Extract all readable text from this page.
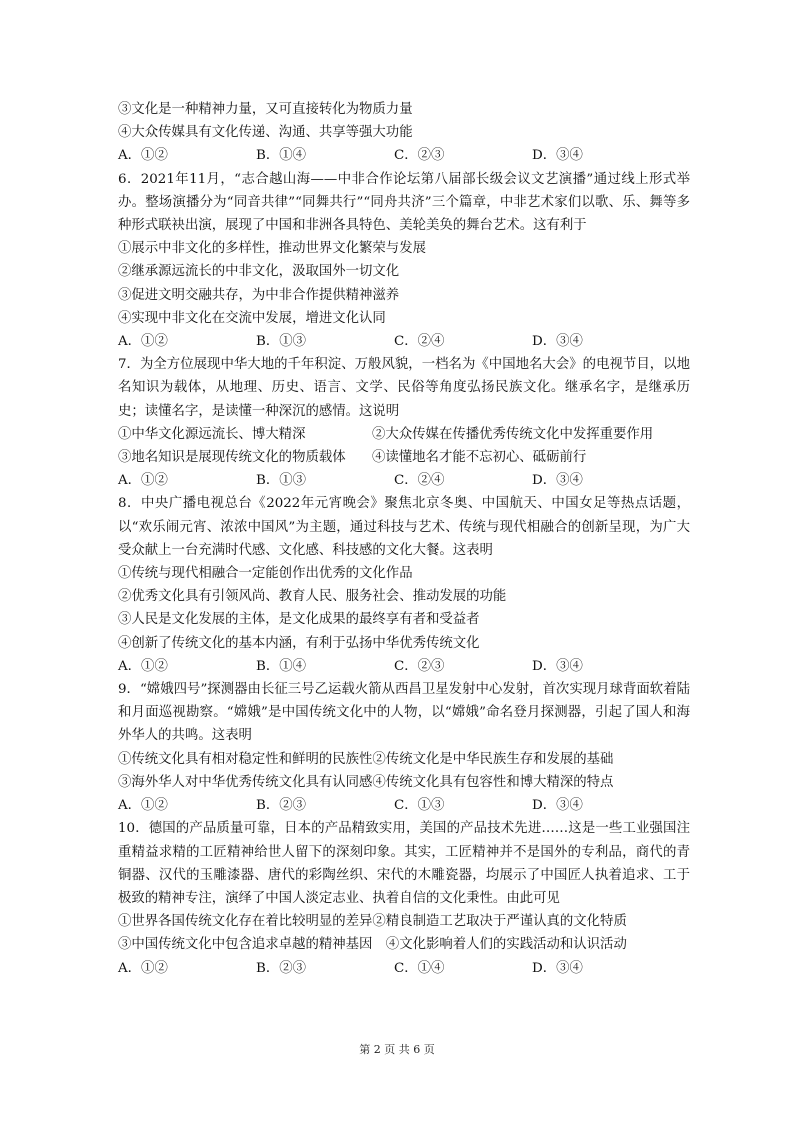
③文化是一种精神力量，又可直接转化为物质力量
④大众传媒具有文化传递、沟通、共享等强大功能
A．①②	B．①④	C．②③	D．③④
6．2021年11月，“志合越山海——中非合作论坛第八届部长级会议文艺演播”通过线上形式举办。整场演播分为“同音共律”“同舞共行”“同舟共济”三个篇章，中非艺术家们以歌、乐、舞等多种形式联袂出演，展现了中国和非洲各具特色、美轮美奂的舞台艺术。这有利于
①展示中非文化的多样性，推动世界文化繁荣与发展
②继承源远流长的中非文化，汲取国外一切文化
③促进文明交融共存，为中非合作提供精神滋养
④实现中非文化在交流中发展，增进文化认同
A．①②	B．①③	C．②④	D．③④
7．为全方位展现中华大地的千年积淀、万般风貌，一档名为《中国地名大会》的电视节目，以地名知识为载体，从地理、历史、语言、文学、民俗等角度弘扬民族文化。继承名字，是继承历史；读懂名字，是读懂一种深沉的感情。这说明
①中华文化源远流长、博大精深	②大众传媒在传播优秀传统文化中发挥重要作用
③地名知识是展现传统文化的物质载体	④读懂地名才能不忘初心、砥砺前行
A．①②	B．①③	C．②④	D．③④
8．中央广播电视总台《2022年元宵晚会》聚焦北京冬奥、中国航天、中国女足等热点话题，以“欢乐闹元宵、浓浓中国风”为主题，通过科技与艺术、传统与现代相融合的创新呈现，为广大受众献上一台充满时代感、文化感、科技感的文化大餐。这表明
①传统与现代相融合一定能创作出优秀的文化作品
②优秀文化具有引领风尚、教育人民、服务社会、推动发展的功能
③人民是文化发展的主体，是文化成果的最终享有者和受益者
④创新了传统文化的基本内涵，有利于弘扬中华优秀传统文化
A．①②	B．①④	C．②③	D．③④
9．“嫦娥四号”探测器由长征三号乙运载火箭从西昌卫星发射中心发射，首次实现月球背面软着陆和月面巡视勘察。“嫦娥”是中国传统文化中的人物，以“嫦娥”命名登月探测器，引起了国人和海外华人的共鸣。这表明
①传统文化具有相对稳定性和鲜明的民族性②传统文化是中华民族生存和发展的基础
③海外华人对中华优秀传统文化具有认同感④传统文化具有包容性和博大精深的特点
A．①②	B．②③	C．①③	D．③④
10．德国的产品质量可靠，日本的产品精致实用，美国的产品技术先进……这是一些工业强国注重精益求精的工匠精神给世人留下的深刻印象。其实，工匠精神并不是国外的专利品，商代的青铜器、汉代的玉雕漆器、唐代的彩陶丝织、宋代的木雕瓷器，均展示了中国匠人执着追求、工于极致的精神专注，演绎了中国人淡定志业、执着自信的文化秉性。由此可见
①世界各国传统文化存在着比较明显的差异②精良制造工艺取决于严谨认真的文化特质
③中国传统文化中包含追求卓越的精神基因　④文化影响着人们的实践活动和认识活动
A．①②	B．②③	C．①④	D．③④
第 2 页 共 6 页
